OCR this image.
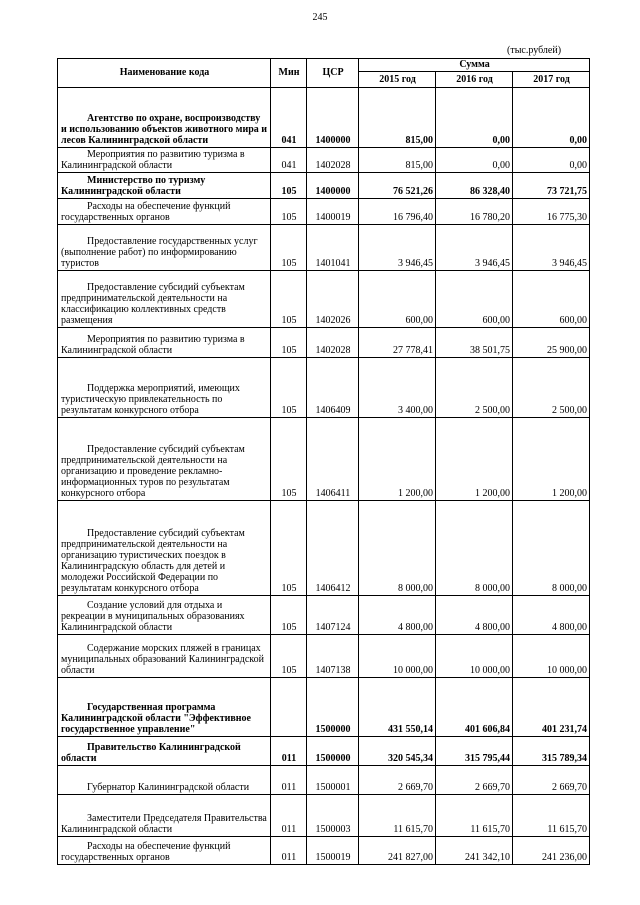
245
(тыс.рублей)
Наименование кода	Мин	ЦСР	Сумма		
			2015 год	2016 год	2017 год

Агентство по охране, воспроизводству и использованию объектов животного мира и лесов Калининградской области	041	1400000	815,00	0,00	0,00

Мероприятия по развитию туризма в Калининградской области	041	1402028	815,00	0,00	0,00

Министерство по туризму Калининградской области	105	1400000	76 521,26	86 328,40	73 721,75

Расходы на обеспечение функций государственных органов	105	1400019	16 796,40	16 780,20	16 775,30

Предоставление государственных услуг (выполнение работ) по информированию туристов	105	1401041	3 946,45	3 946,45	3 946,45

Предоставление субсидий субъектам предпринимательской деятельности на классификацию коллективных средств размещения	105	1402026	600,00	600,00	600,00

Мероприятия по развитию туризма в Калининградской области	105	1402028	27 778,41	38 501,75	25 900,00

Поддержка мероприятий, имеющих туристическую привлекательность по результатам конкурсного отбора	105	1406409	3 400,00	2 500,00	2 500,00

Предоставление субсидий субъектам предпринимательской деятельности на организацию и проведение рекламно-информационных туров по результатам конкурсного отбора	105	1406411	1 200,00	1 200,00	1 200,00

Предоставление субсидий субъектам предпринимательской деятельности на организацию туристических поездок в Калининградскую область для детей и молодежи Российской Федерации по результатам конкурсного отбора	105	1406412	8 000,00	8 000,00	8 000,00

Создание условий для отдыха и рекреации в муниципальных образованиях Калининградской области	105	1407124	4 800,00	4 800,00	4 800,00

Содержание морских пляжей в границах муниципальных образований Калининградской области	105	1407138	10 000,00	10 000,00	10 000,00

Государственная программа Калининградской области "Эффективное государственное управление"		1500000	431 550,14	401 606,84	401 231,74

Правительство Калининградской области	011	1500000	320 545,34	315 795,44	315 789,34

Губернатор Калининградской области	011	1500001	2 669,70	2 669,70	2 669,70

Заместители Председателя Правительства Калининградской области	011	1500003	11 615,70	11 615,70	11 615,70

Расходы на обеспечение функций государственных органов	011	1500019	241 827,00	241 342,10	241 236,00
